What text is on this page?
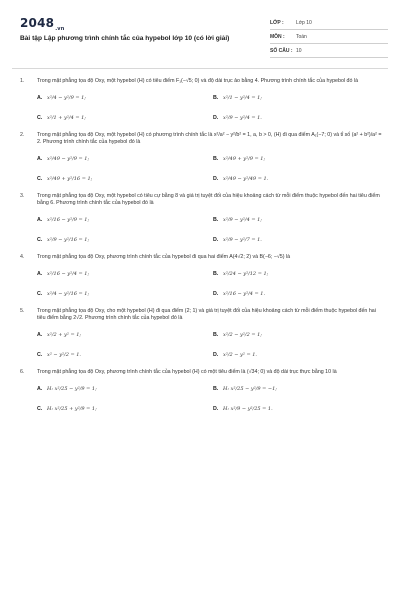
$2048_{.vn}$
Bài tập Lập phương trình chính tắc của hypebol lớp 10 (có lời giải)
LỚP :	Lớp 10
MÔN :	Toán
SỐ CÂU : 10
1.	Trong mặt phẳng tọa độ Oxy, một hypebol (H) có tiêu điểm F₁(−√5; 0) và độ dài trục ảo bằng 4. Phương trình chính tắc của hypebol đó là
A. x²/4 − y²/9 = 1;	B. x²/1 − y²/4 = 1;
C. x²/1 + y²/4 = 1;	D. x²/9 − y²/4 = 1.
2.	Trong mặt phẳng tọa độ Oxy, một hypebol (H) có phương trình chính tắc là x²/a² − y²/b² = 1, a, b > 0, (H) đi qua điểm A₁(−7; 0) và tỉ số (a² + b²)/a² = 2. Phương trình chính tắc của hypebol đó là
A. x²/49 − y²/9 = 1;	B. x²/49 + y²/9 = 1;
C. x²/49 + y²/16 = 1;	D. x²/49 − y²/49 = 1.
3.	Trong mặt phẳng tọa độ Oxy, một hypebol có tiêu cự bằng 8 và giá trị tuyệt đối của hiệu khoảng cách từ mỗi điểm thuộc hypebol đến hai tiêu điểm bằng 6. Phương trình chính tắc của hypebol đó là
A. x²/16 − y²/9 = 1;	B. x²/9 − y²/4 = 1;
C. x²/9 − y²/16 = 1;	D. x²/9 − y²/7 = 1.
4.	Trong mặt phẳng tọa độ Oxy, phương trình chính tắc của hypebol đi qua hai điểm A(4√2; 2) và B(−6; −√5) là
A. x²/16 − y²/4 = 1;	B. x²/24 − y²/12 = 1;
C. x²/4 − y²/16 = 1;	D. x²/16 − y²/4 = 1.
5.	Trong mặt phẳng tọa độ Oxy, cho một hypebol (H) đi qua điểm (2; 1) và giá trị tuyệt đối của hiệu khoảng cách từ mỗi điểm thuộc hypebol đến hai tiêu điểm bằng 2√2. Phương trình chính tắc của hypebol đó là
A. x²/2 + y² = 1;	B. x²/2 − y²/2 = 1;
C. x² − y²/2 = 1.	D. x²/2 − y² = 1.
6.	Trong mặt phẳng tọa độ Oxy, phương trình chính tắc của hypebol (H) có một tiêu điểm là (√34; 0) và độ dài trục thực bằng 10 là
A. H: x²/25 − y²/9 = 1;	B. H: x²/25 − y²/9 = −1;
C. H: x²/25 + y²/9 = 1;	D. H: x²/9 − y²/25 = 1.
